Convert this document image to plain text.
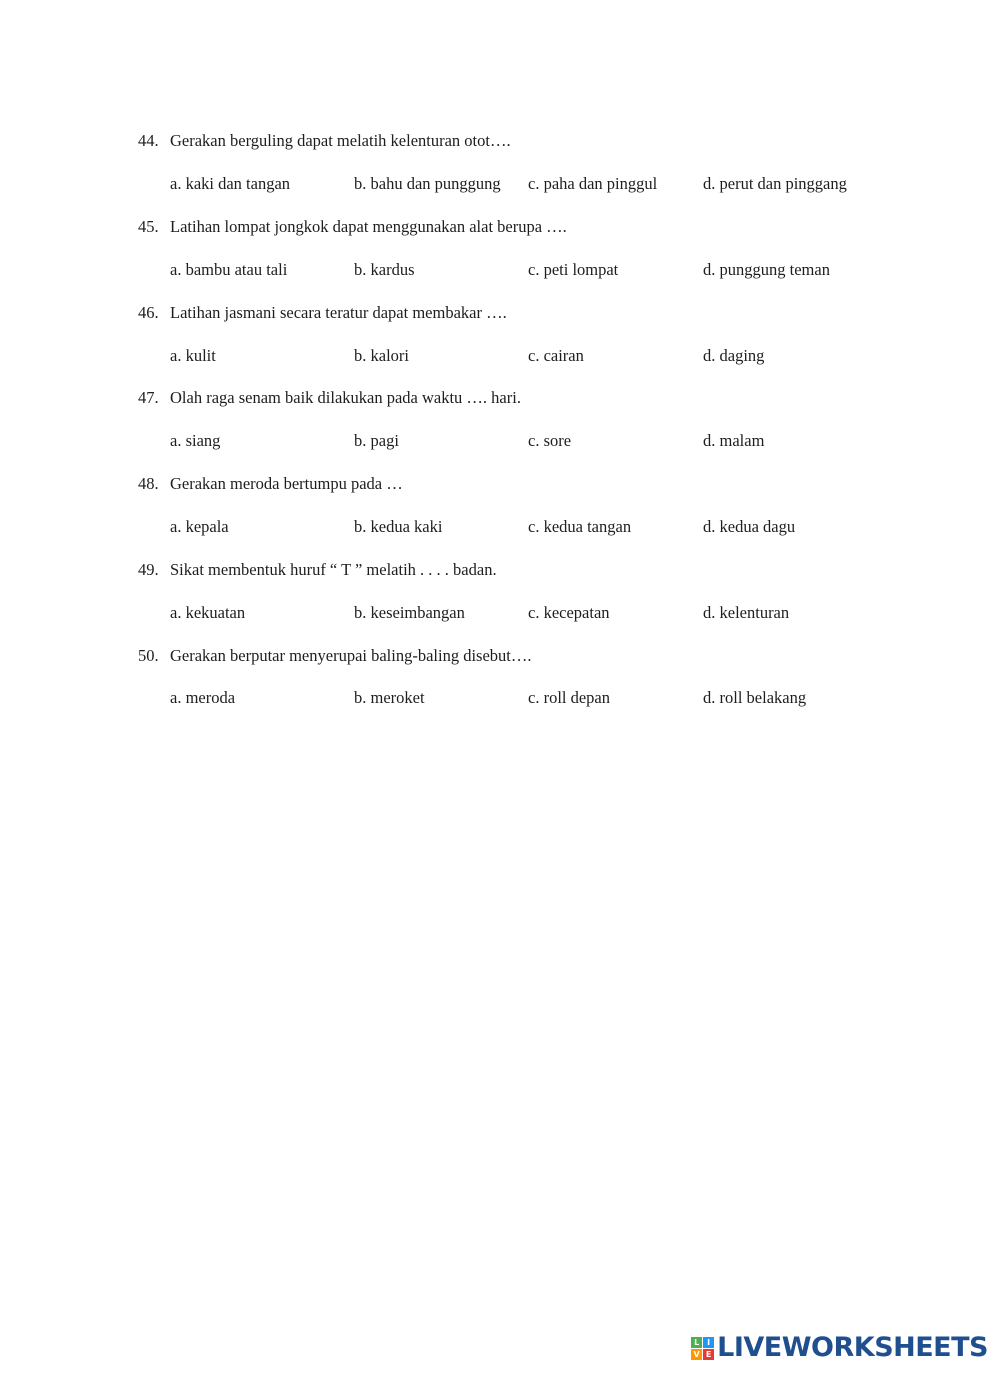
44. Gerakan berguling dapat melatih kelenturan otot….
a. kaki dan tangan	b. bahu dan punggung c. paha dan pinggul	d. perut dan pinggang
45. Latihan lompat jongkok dapat menggunakan alat berupa ….
a. bambu atau tali	b. kardus	c. peti lompat	d. punggung teman
46. Latihan jasmani secara teratur dapat membakar ….
a. kulit	b. kalori	c. cairan	d. daging
47. Olah raga senam baik dilakukan pada waktu …. hari.
a. siang	b. pagi	c. sore	d. malam
48. Gerakan meroda bertumpu pada …
a. kepala	b. kedua kaki	c. kedua tangan	d. kedua dagu
49. Sikat membentuk huruf “ T ” melatih . . . . badan.
a. kekuatan	b. keseimbangan	c. kecepatan	d. kelenturan
50. Gerakan berputar menyerupai baling-baling disebut….
a. meroda	b. meroket	c. roll depan	d. roll belakang
L I
V E LIVEWORKSHEETS
